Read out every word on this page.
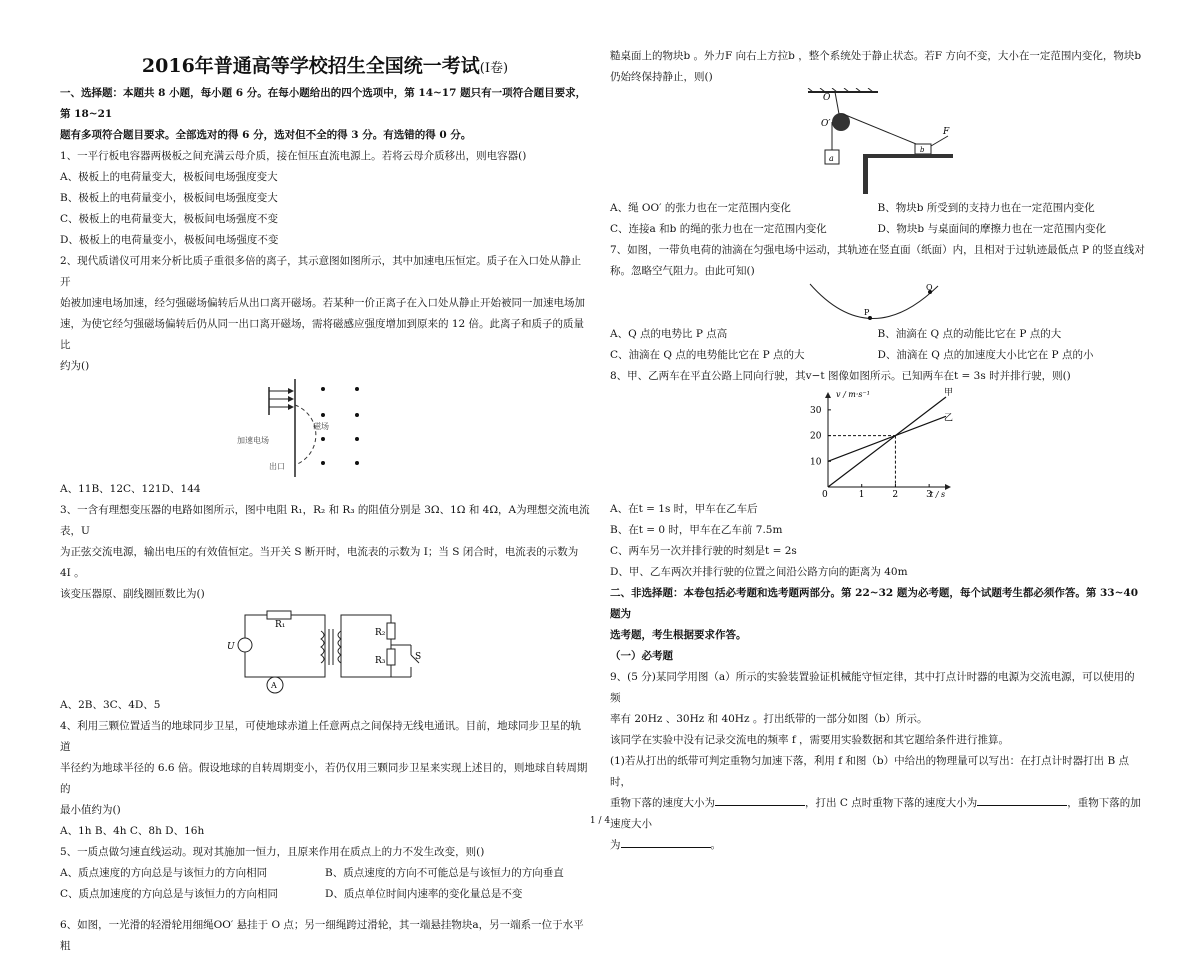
2016年普通高等学校招生全国统一考试(Ⅰ卷)

一、选择题：本题共 8 小题，每小题 6 分。在每小题给出的四个选项中，第 14~17 题只有一项符合题目要求，第 18~21

题有多项符合题目要求。全部选对的得 6 分，选对但不全的得 3 分。有选错的得 0 分。

1、一平行板电容器两极板之间充满云母介质，接在恒压直流电源上。若将云母介质移出，则电容器()

A、极板上的电荷量变大，极板间电场强度变大

B、极板上的电荷量变小，极板间电场强度变大

C、极板上的电荷量变大，极板间电场强度不变

D、极板上的电荷量变小，极板间电场强度不变

2、现代质谱仪可用来分析比质子重很多倍的离子，其示意图如图所示，其中加速电压恒定。质子在入口处从静止开

始被加速电场加速，经匀强磁场偏转后从出口离开磁场。若某种一价正离子在入口处从静止开始被同一加速电场加

速，为使它经匀强磁场偏转后仍从同一出口离开磁场，需将磁感应强度增加到原来的 12 倍。此离子和质子的质量比

约为()

加速电场
出口
磁场

A、11B、12C、121D、144

3、一含有理想变压器的电路如图所示，图中电阻 R₁，R₂ 和 R₃ 的阻值分别是 3Ω、1Ω 和 4Ω，A为理想交流电流表，U

为正弦交流电源，输出电压的有效值恒定。当开关 S 断开时，电流表的示数为 I；当 S 闭合时，电流表的示数为 4I 。

该变压器原、副线圈匝数比为()

R₁
U
A
R₂
R₃	S

A、2B、3C、4D、5

4、利用三颗位置适当的地球同步卫星，可使地球赤道上任意两点之间保持无线电通讯。目前，地球同步卫星的轨道

半径约为地球半径的 6.6 倍。假设地球的自转周期变小，若仍仅用三颗同步卫星来实现上述目的，则地球自转周期的

最小值约为()

A、1h B、4h C、8h D、16h

5、一质点做匀速直线运动。现对其施加一恒力，且原来作用在质点上的力不发生改变，则()

A、质点速度的方向总是与该恒力的方向相同	B、质点速度的方向不可能总是与该恒力的方向垂直
C、质点加速度的方向总是与该恒力的方向相同	D、质点单位时间内速率的变化量总是不变

6、如图，一光滑的轻滑轮用细绳OO′ 悬挂于 O 点；另一细绳跨过滑轮，其一端悬挂物块a，另一端系一位于水平粗

糙桌面上的物块b 。外力F 向右上方拉b ，整个系统处于静止状态。若F 方向不变，大小在一定范围内变化，物块b

仍始终保持静止，则()

O
O′
a
b
F
A、绳 OO′ 的张力也在一定范围内变化	B、物块b 所受到的支持力也在一定范围内变化
C、连接a 和b 的绳的张力也在一定范围内变化	D、物块b 与桌面间的摩擦力也在一定范围内变化

7、如图，一带负电荷的油滴在匀强电场中运动，其轨迹在竖直面（纸面）内，且相对于过轨迹最低点 P 的竖直线对

称。忽略空气阻力。由此可知()

P
Q
A、Q 点的电势比 P 点高	B、油滴在 Q 点的动能比它在 P 点的大
C、油滴在 Q 点的电势能比它在 P 点的大	D、油滴在 Q 点的加速度大小比它在 P 点的小

8、甲、乙两车在平直公路上同向行驶，其v−t 图像如图所示。已知两车在t = 3s 时并排行驶，则()

0
v / m·s⁻¹
t / s
1	2	3
10
20
30
甲
乙

A、在t = 1s 时，甲车在乙车后

B、在t = 0 时，甲车在乙车前 7.5m

C、两车另一次并排行驶的时刻是t = 2s

D、甲、乙车两次并排行驶的位置之间沿公路方向的距离为 40m

二、非选择题：本卷包括必考题和选考题两部分。第 22~32 题为必考题，每个试题考生都必须作答。第 33~40 题为

选考题，考生根据要求作答。

（一）必考题

9、(5 分)某同学用图（a）所示的实验装置验证机械能守恒定律，其中打点计时器的电源为交流电源，可以使用的频

率有 20Hz 、30Hz 和 40Hz 。打出纸带的一部分如图（b）所示。

该同学在实验中没有记录交流电的频率 f ，需要用实验数据和其它题给条件进行推算。

(1)若从打出的纸带可判定重物匀加速下落，利用 f 和图（b）中给出的物理量可以写出：在打点计时器打出 B 点时，

重物下落的速度大小为	，打出 C 点时重物下落的速度大小为	，重物下落的加速度大小

为	。

1 / 4
